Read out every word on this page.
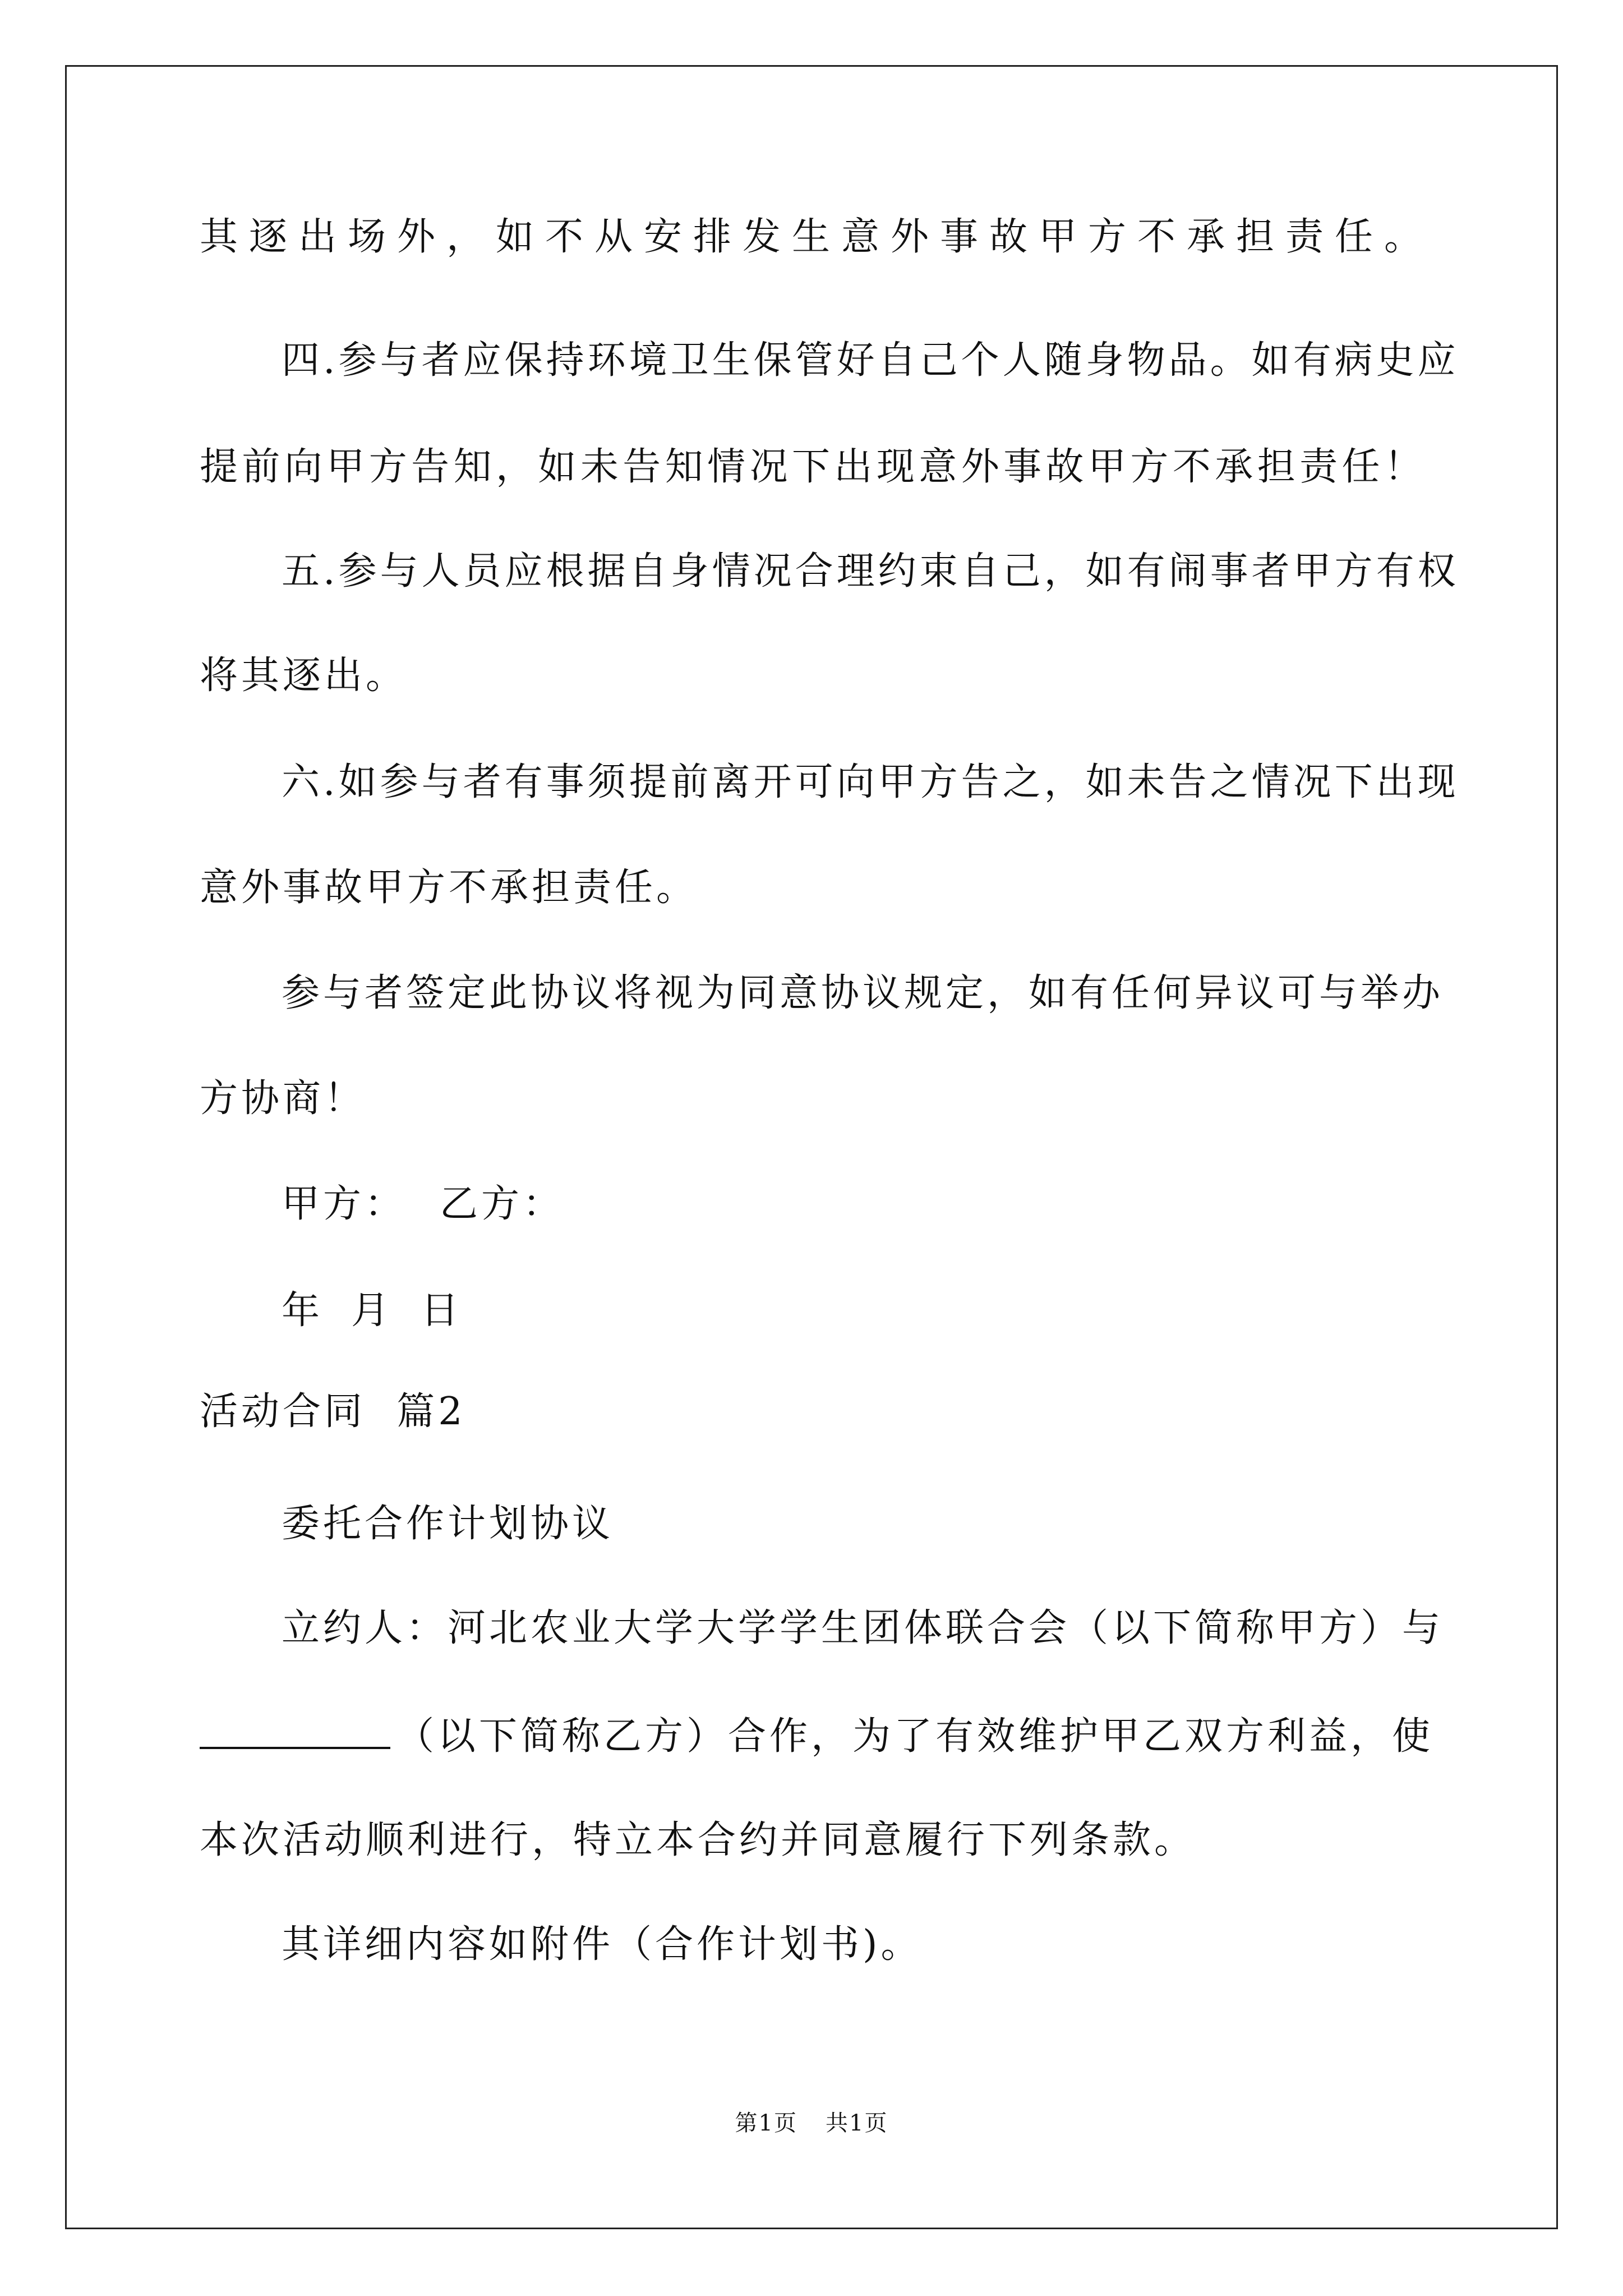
其逐出场外，如不从安排发生意外事故甲方不承担责任。
四.参与者应保持环境卫生保管好自己个人随身物品。如有病史应
提前向甲方告知，如未告知情况下出现意外事故甲方不承担责任！
五.参与人员应根据自身情况合理约束自己，如有闹事者甲方有权
将其逐出。
六.如参与者有事须提前离开可向甲方告之，如未告之情况下出现
意外事故甲方不承担责任。
参与者签定此协议将视为同意协议规定，如有任何异议可与举办
方协商！
甲方： 乙方：
年 月 日
活动合同  篇2
委托合作计划协议
立约人：河北农业大学大学学生团体联合会（以下简称甲方）与
（以下简称乙方）合作，为了有效维护甲乙双方利益，使
本次活动顺利进行，特立本合约并同意履行下列条款。
其详细内容如附件（合作计划书)。
第1页 共1页
